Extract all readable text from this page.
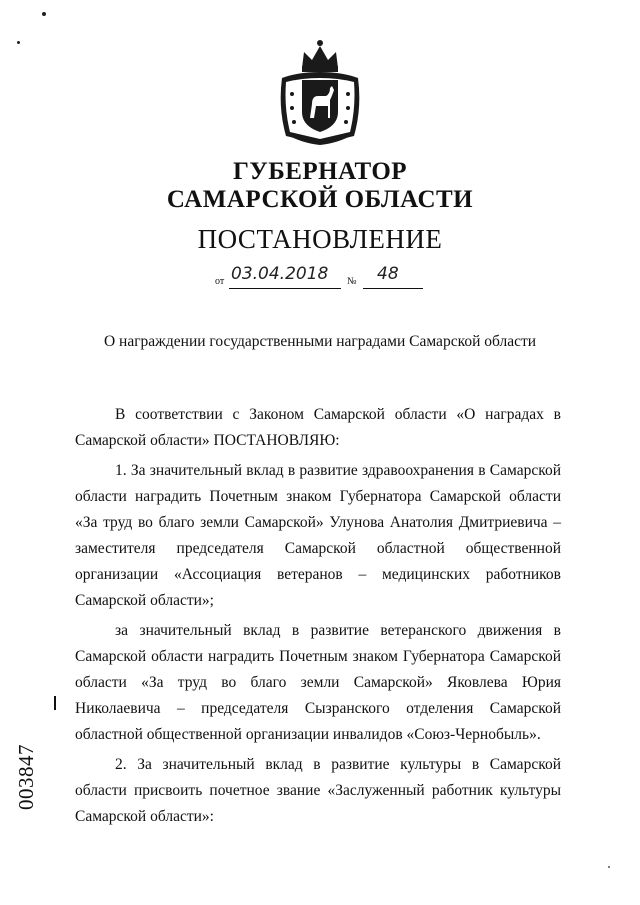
ГУБЕРНАТОР
САМАРСКОЙ ОБЛАСТИ
ПОСТАНОВЛЕНИЕ
от 03.04.2018 № 48
О награждении государственными наградами Самарской области

В соответствии с Законом Самарской области «О наградах в Самарской области» ПОСТАНОВЛЯЮ:

1. За значительный вклад в развитие здравоохранения в Самарской области наградить Почетным знаком Губернатора Самарской области «За труд во благо земли Самарской» Улунова Анатолия Дмитриевича – заместителя председателя Самарской областной общественной организации «Ассоциация ветеранов – медицинских работников Самарской области»;

за значительный вклад в развитие ветеранского движения в Самарской области наградить Почетным знаком Губернатора Самарской области «За труд во благо земли Самарской» Яковлева Юрия Николаевича – председателя Сызранского отделения Самарской областной общественной организации инвалидов «Союз-Чернобыль».

2. За значительный вклад в развитие культуры в Самарской области присвоить почетное звание «Заслуженный работник культуры Самарской области»:

003847
